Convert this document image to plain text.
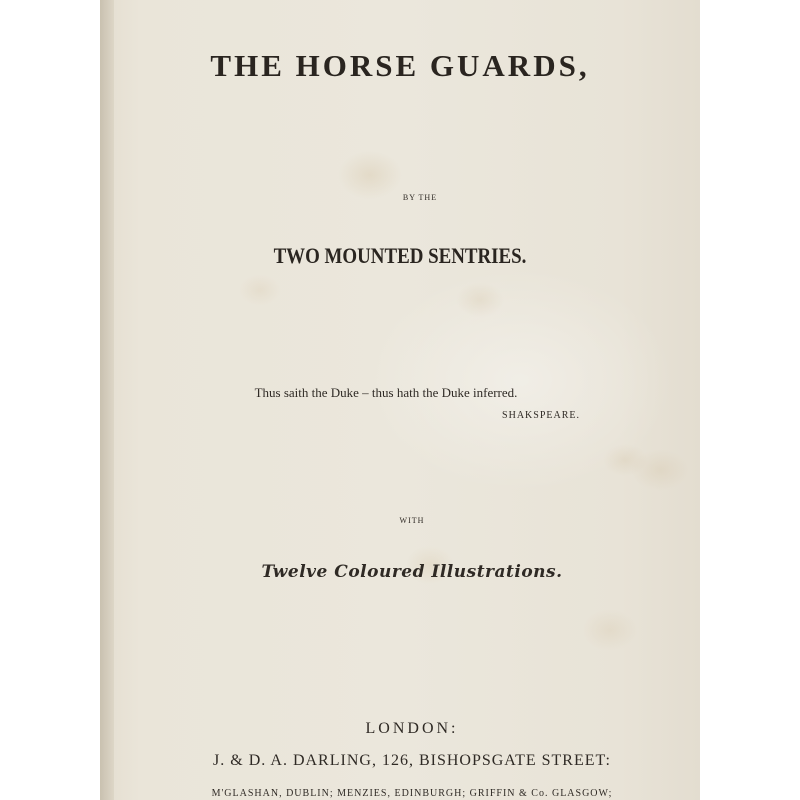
THE HORSE GUARDS,
BY THE
TWO MOUNTED SENTRIES.
Thus saith the Duke – thus hath the Duke inferred.
SHAKSPEARE.
WITH
Twelve Coloured Illustrations.
LONDON:
J. & D. A. DARLING, 126, BISHOPSGATE STREET:
M'GLASHAN, DUBLIN; MENZIES, EDINBURGH; GRIFFIN & Co. GLASGOW;
